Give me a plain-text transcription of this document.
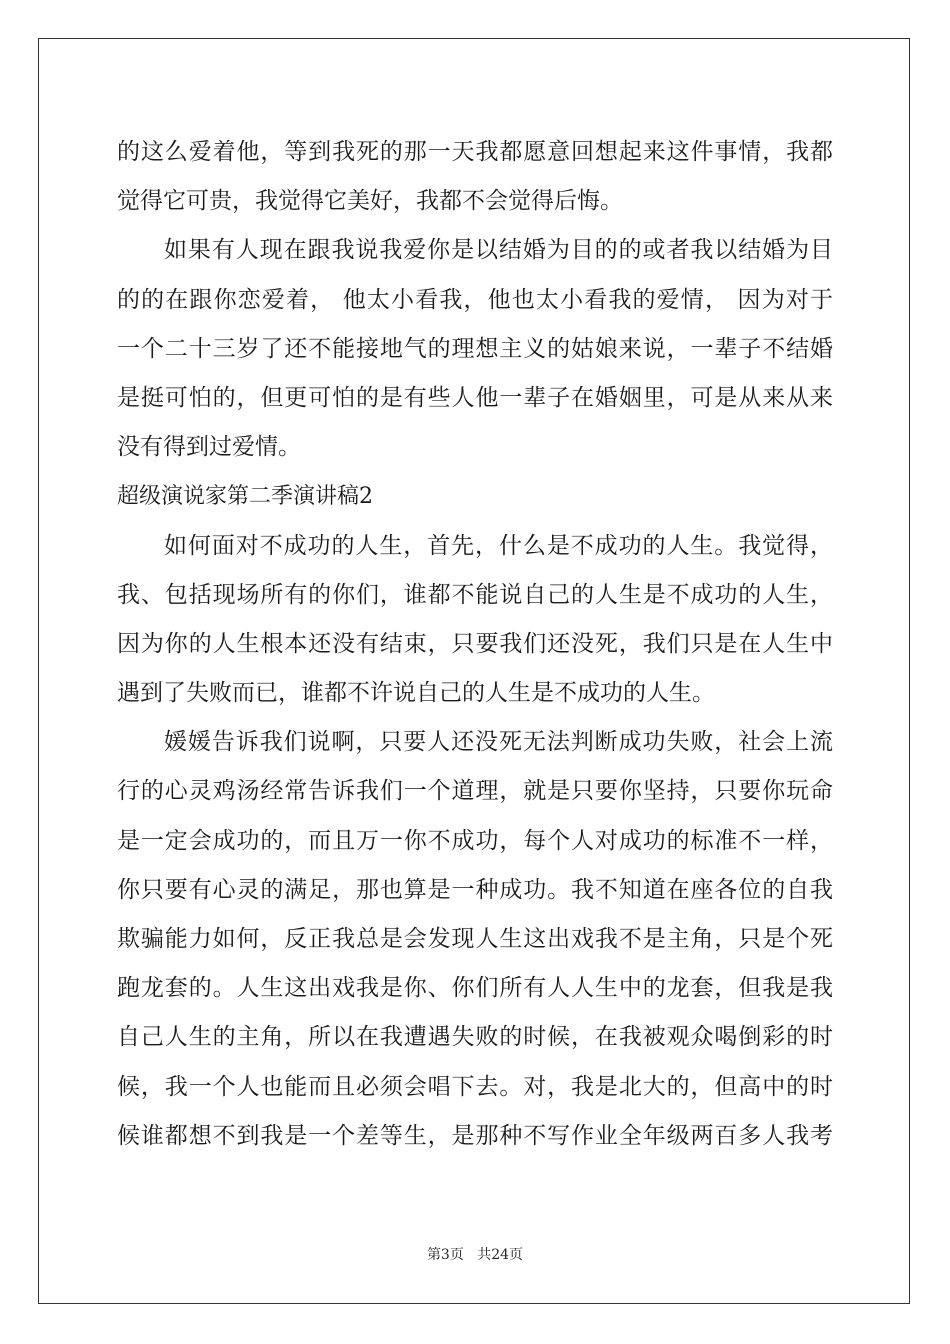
的这么爱着他，等到我死的那一天我都愿意回想起来这件事情，我都
觉得它可贵，我觉得它美好，我都不会觉得后悔。
如果有人现在跟我说我爱你是以结婚为目的的或者我以结婚为目
的的在跟你恋爱着， 他太小看我，他也太小看我的爱情， 因为对于
一个二十三岁了还不能接地气的理想主义的姑娘来说，一辈子不结婚
是挺可怕的，但更可怕的是有些人他一辈子在婚姻里，可是从来从来
没有得到过爱情。
超级演说家第二季演讲稿2
如何面对不成功的人生，首先，什么是不成功的人生。我觉得，
我、包括现场所有的你们，谁都不能说自己的人生是不成功的人生，
因为你的人生根本还没有结束，只要我们还没死，我们只是在人生中
遇到了失败而已，谁都不许说自己的人生是不成功的人生。
媛媛告诉我们说啊，只要人还没死无法判断成功失败，社会上流
行的心灵鸡汤经常告诉我们一个道理，就是只要你坚持，只要你玩命
是一定会成功的，而且万一你不成功，每个人对成功的标准不一样，
你只要有心灵的满足，那也算是一种成功。我不知道在座各位的自我
欺骗能力如何，反正我总是会发现人生这出戏我不是主角，只是个死
跑龙套的。人生这出戏我是你、你们所有人人生中的龙套，但我是我
自己人生的主角，所以在我遭遇失败的时候，在我被观众喝倒彩的时
候，我一个人也能而且必须会唱下去。对，我是北大的，但高中的时
候谁都想不到我是一个差等生，是那种不写作业全年级两百多人我考
第3页 共24页
